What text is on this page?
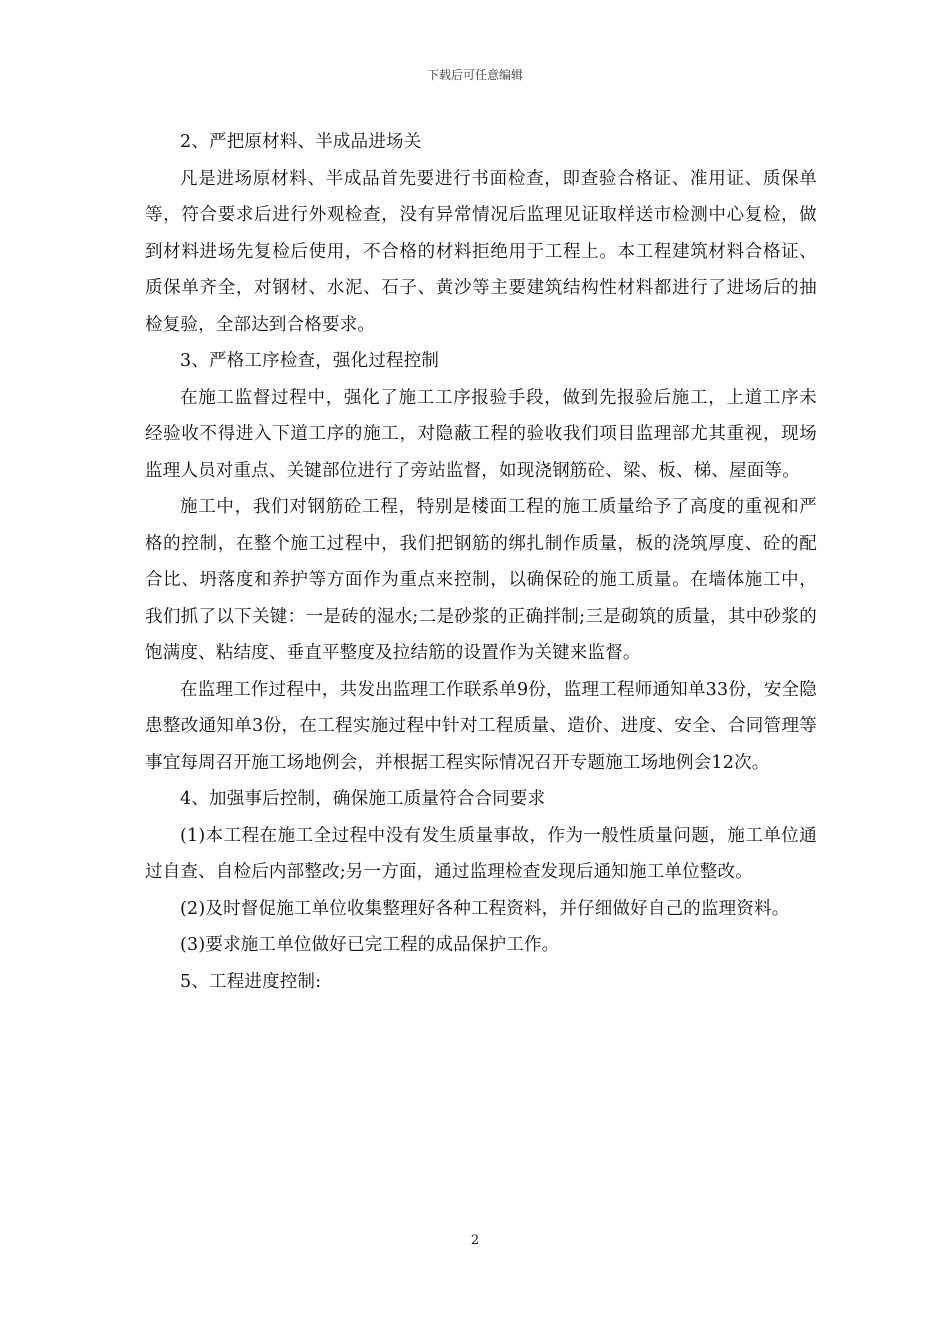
下载后可任意编辑

2、严把原材料、半成品进场关

凡是进场原材料、半成品首先要进行书面检查，即查验合格证、准用证、质保单等，符合要求后进行外观检查，没有异常情况后监理见证取样送市检测中心复检，做到材料进场先复检后使用，不合格的材料拒绝用于工程上。本工程建筑材料合格证、质保单齐全，对钢材、水泥、石子、黄沙等主要建筑结构性材料都进行了进场后的抽检复验，全部达到合格要求。

3、严格工序检查，强化过程控制

在施工监督过程中，强化了施工工序报验手段，做到先报验后施工，上道工序未经验收不得进入下道工序的施工，对隐蔽工程的验收我们项目监理部尤其重视，现场监理人员对重点、关键部位进行了旁站监督，如现浇钢筋砼、梁、板、梯、屋面等。

施工中，我们对钢筋砼工程，特别是楼面工程的施工质量给予了高度的重视和严格的控制，在整个施工过程中，我们把钢筋的绑扎制作质量，板的浇筑厚度、砼的配合比、坍落度和养护等方面作为重点来控制，以确保砼的施工质量。在墙体施工中，我们抓了以下关键：一是砖的湿水;二是砂浆的正确拌制;三是砌筑的质量，其中砂浆的饱满度、粘结度、垂直平整度及拉结筋的设置作为关键来监督。

在监理工作过程中，共发出监理工作联系单9份，监理工程师通知单33份，安全隐患整改通知单3份，在工程实施过程中针对工程质量、造价、进度、安全、合同管理等事宜每周召开施工场地例会，并根据工程实际情况召开专题施工场地例会12次。

4、加强事后控制，确保施工质量符合合同要求

(1)本工程在施工全过程中没有发生质量事故，作为一般性质量问题，施工单位通过自查、自检后内部整改;另一方面，通过监理检查发现后通知施工单位整改。

(2)及时督促施工单位收集整理好各种工程资料，并仔细做好自己的监理资料。

(3)要求施工单位做好已完工程的成品保护工作。

5、工程进度控制:

2
